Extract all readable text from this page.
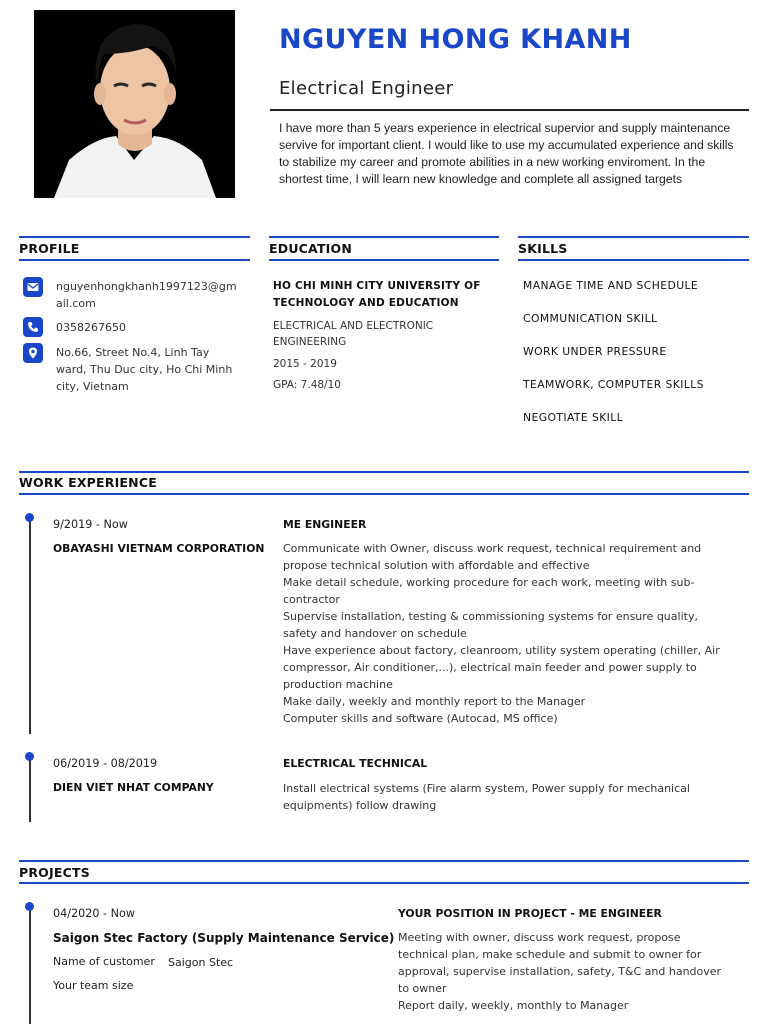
NGUYEN HONG KHANH
Electrical Engineer
I have more than 5 years experience in electrical supervior and supply maintenance servive for important client. I would like to use my accumulated experience and skills to stabilize my career and promote abilities in a new working enviroment. In the shortest time, I will learn new knowledge and complete all assigned targets
PROFILE	EDUCATION	SKILLS
nguyenhongkhanh1997123@gm
ail.com
0358267650
No.66, Street No.4, Linh Tay
ward, Thu Duc city, Ho Chi Minh
city, Vietnam
HO CHI MINH CITY UNIVERSITY OF
TECHNOLOGY AND EDUCATION
ELECTRICAL AND ELECTRONIC
ENGINEERING
2015 - 2019
GPA: 7.48/10
MANAGE TIME AND SCHEDULE
COMMUNICATION SKILL
WORK UNDER PRESSURE
TEAMWORK, COMPUTER SKILLS
NEGOTIATE SKILL
WORK EXPERIENCE
9/2019 - Now
OBAYASHI VIETNAM CORPORATION
ME ENGINEER
Communicate with Owner, discuss work request, technical requirement and
propose technical solution with affordable and effective
Make detail schedule, working procedure for each work, meeting with sub-
contractor
Supervise installation, testing & commissioning systems for ensure quality,
safety and handover on schedule
Have experience about factory, cleanroom, utility system operating (chiller, Air
compressor, Air conditioner,...), electrical main feeder and power supply to
production machine
Make daily, weekly and monthly report to the Manager
Computer skills and software (Autocad, MS office)
06/2019 - 08/2019
DIEN VIET NHAT COMPANY
ELECTRICAL TECHNICAL
Install electrical systems (Fire alarm system, Power supply for mechanical
equipments) follow drawing
PROJECTS
04/2020 - Now
Saigon Stec Factory (Supply Maintenance Service)
Name of customer Saigon Stec
Your team size
YOUR POSITION IN PROJECT - ME ENGINEER
Meeting with owner, discuss work request, propose
technical plan, make schedule and submit to owner for
approval, supervise installation, safety, T&C and handover
to owner
Report daily, weekly, monthly to Manager
